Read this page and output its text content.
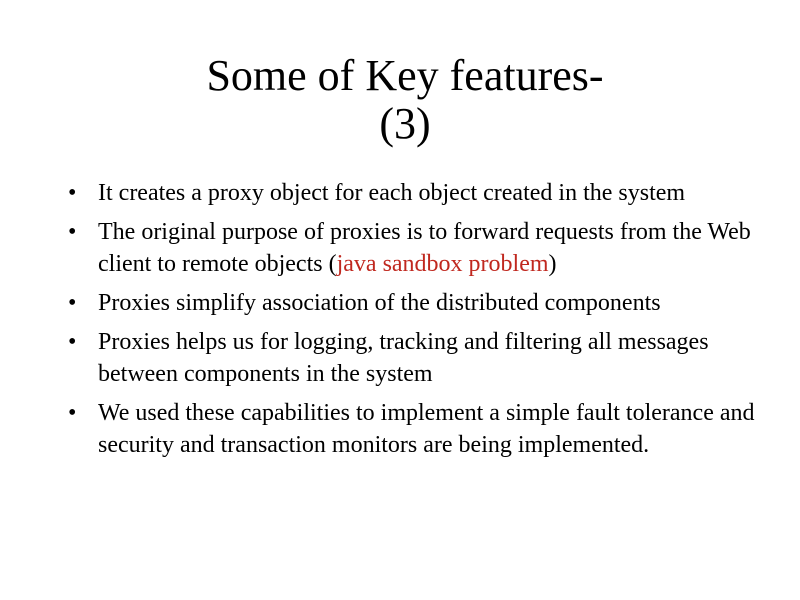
Some of Key features-
(3)
• It creates a proxy object for each object created in the system
• The original purpose of proxies is to forward requests from the Web client to remote objects (java sandbox problem)
• Proxies simplify association of the distributed components
• Proxies helps us for logging, tracking and filtering all messages between components in the system
• We used these capabilities to implement a simple fault tolerance and security and transaction monitors are being implemented.
